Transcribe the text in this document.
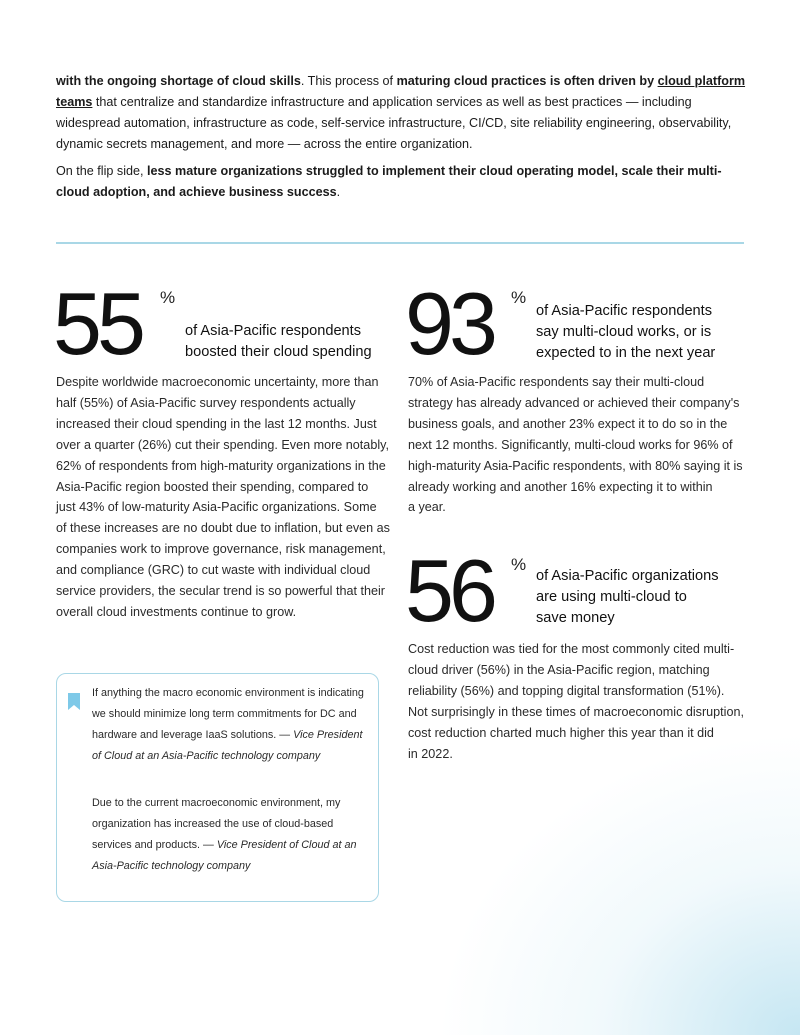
with the ongoing shortage of cloud skills. This process of maturing cloud practices is often driven by cloud platform teams that centralize and standardize infrastructure and application services as well as best practices — including widespread automation, infrastructure as code, self-service infrastructure, CI/CD, site reliability engineering, observability, dynamic secrets management, and more — across the entire organization.

On the flip side, less mature organizations struggled to implement their cloud operating model, scale their multi-cloud adoption, and achieve business success.

55 %
of Asia-Pacific respondents
boosted their cloud spending
Despite worldwide macroeconomic uncertainty, more than
half (55%) of Asia-Pacific survey respondents actually
increased their cloud spending in the last 12 months. Just
over a quarter (26%) cut their spending. Even more notably,
62% of respondents from high-maturity organizations in the
Asia-Pacific region boosted their spending, compared to
just 43% of low-maturity Asia-Pacific organizations. Some
of these increases are no doubt due to inflation, but even as
companies work to improve governance, risk management,
and compliance (GRC) to cut waste with individual cloud
service providers, the secular trend is so powerful that their
overall cloud investments continue to grow.
93 %
of Asia-Pacific respondents
say multi-cloud works, or is
expected to in the next year
70% of Asia-Pacific respondents say their multi-cloud
strategy has already advanced or achieved their company's
business goals, and another 23% expect it to do so in the
next 12 months. Significantly, multi-cloud works for 96% of
high-maturity Asia-Pacific respondents, with 80% saying it is
already working and another 16% expecting it to within
a year.
56 %
of Asia-Pacific organizations
are using multi-cloud to
save money
Cost reduction was tied for the most commonly cited multi-
cloud driver (56%) in the Asia-Pacific region, matching
reliability (56%) and topping digital transformation (51%).
Not surprisingly in these times of macroeconomic disruption,
cost reduction charted much higher this year than it did
in 2022.
If anything the macro economic environment is indicating we should minimize long term commitments for DC and hardware and leverage IaaS solutions. — Vice President of Cloud at an Asia-Pacific technology company
Due to the current macroeconomic environment, my organization has increased the use of cloud-based services and products. — Vice President of Cloud at an Asia-Pacific technology company
